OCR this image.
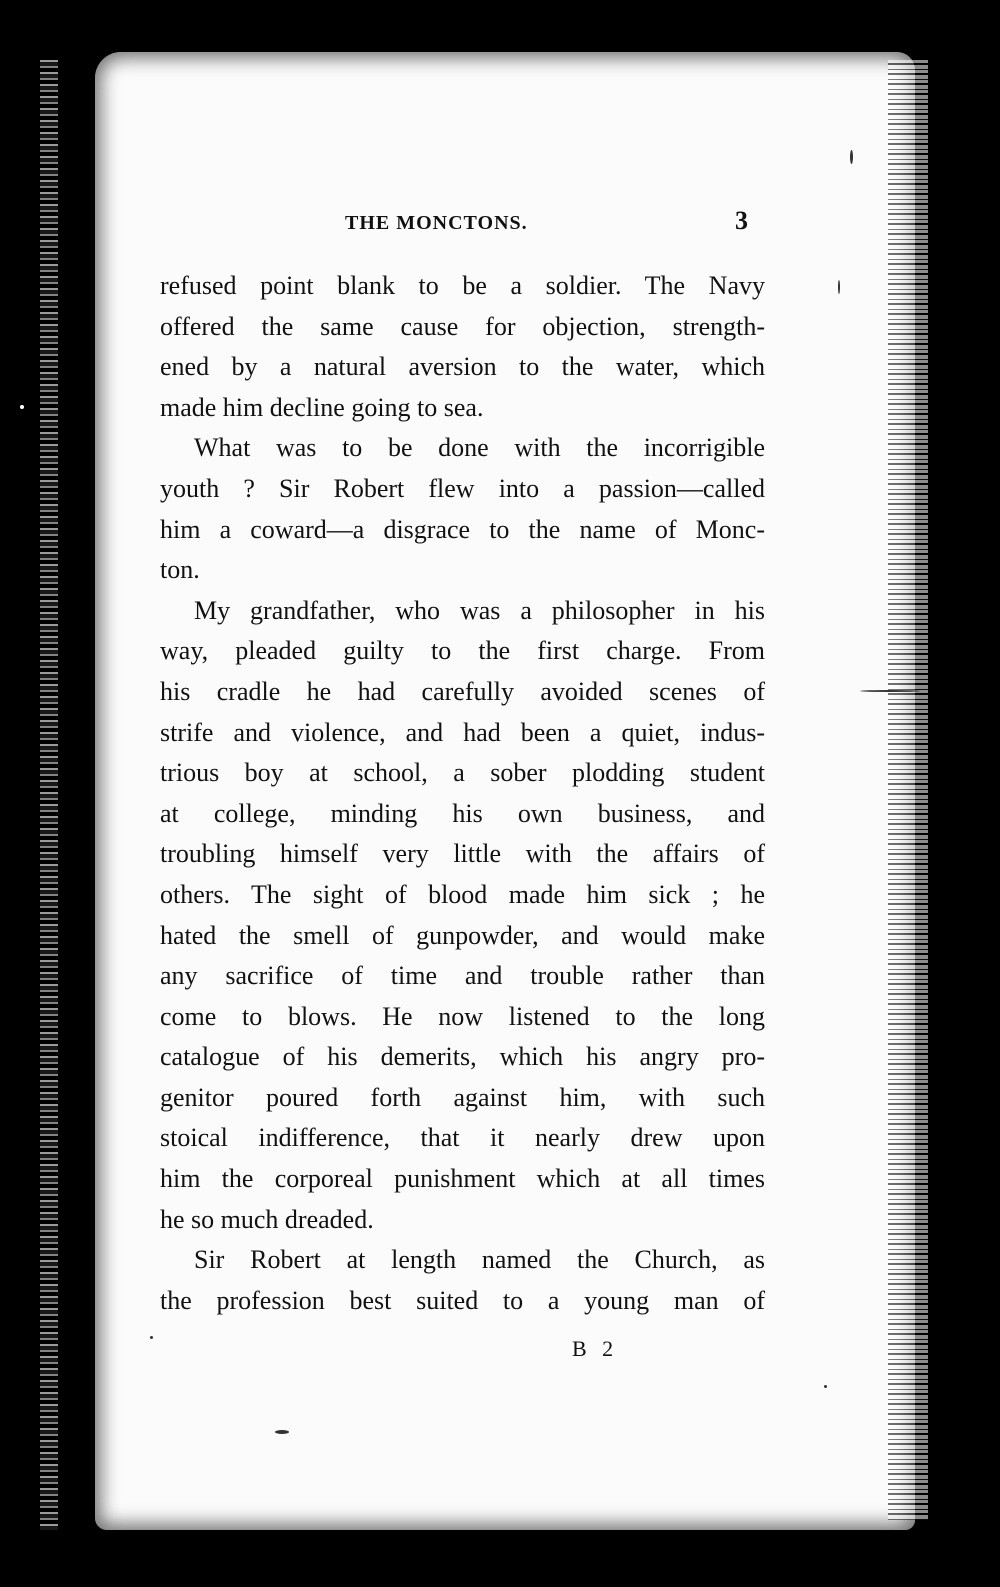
THE MONCTONS.	3

refused point blank to be a soldier. The Navy
offered the same cause for objection, strength-
ened by a natural aversion to the water, which
made him decline going to sea.

What was to be done with the incorrigible
youth ? Sir Robert flew into a passion—called
him a coward—a disgrace to the name of Monc-
ton.

My grandfather, who was a philosopher in his
way, pleaded guilty to the first charge. From
his cradle he had carefully avoided scenes of
strife and violence, and had been a quiet, indus-
trious boy at school, a sober plodding student
at college, minding his own business, and
troubling himself very little with the affairs of
others. The sight of blood made him sick ; he
hated the smell of gunpowder, and would make
any sacrifice of time and trouble rather than
come to blows. He now listened to the long
catalogue of his demerits, which his angry pro-
genitor poured forth against him, with such
stoical indifference, that it nearly drew upon
him the corporeal punishment which at all times
he so much dreaded.

Sir Robert at length named the Church, as
the profession best suited to a young man of

B 2
